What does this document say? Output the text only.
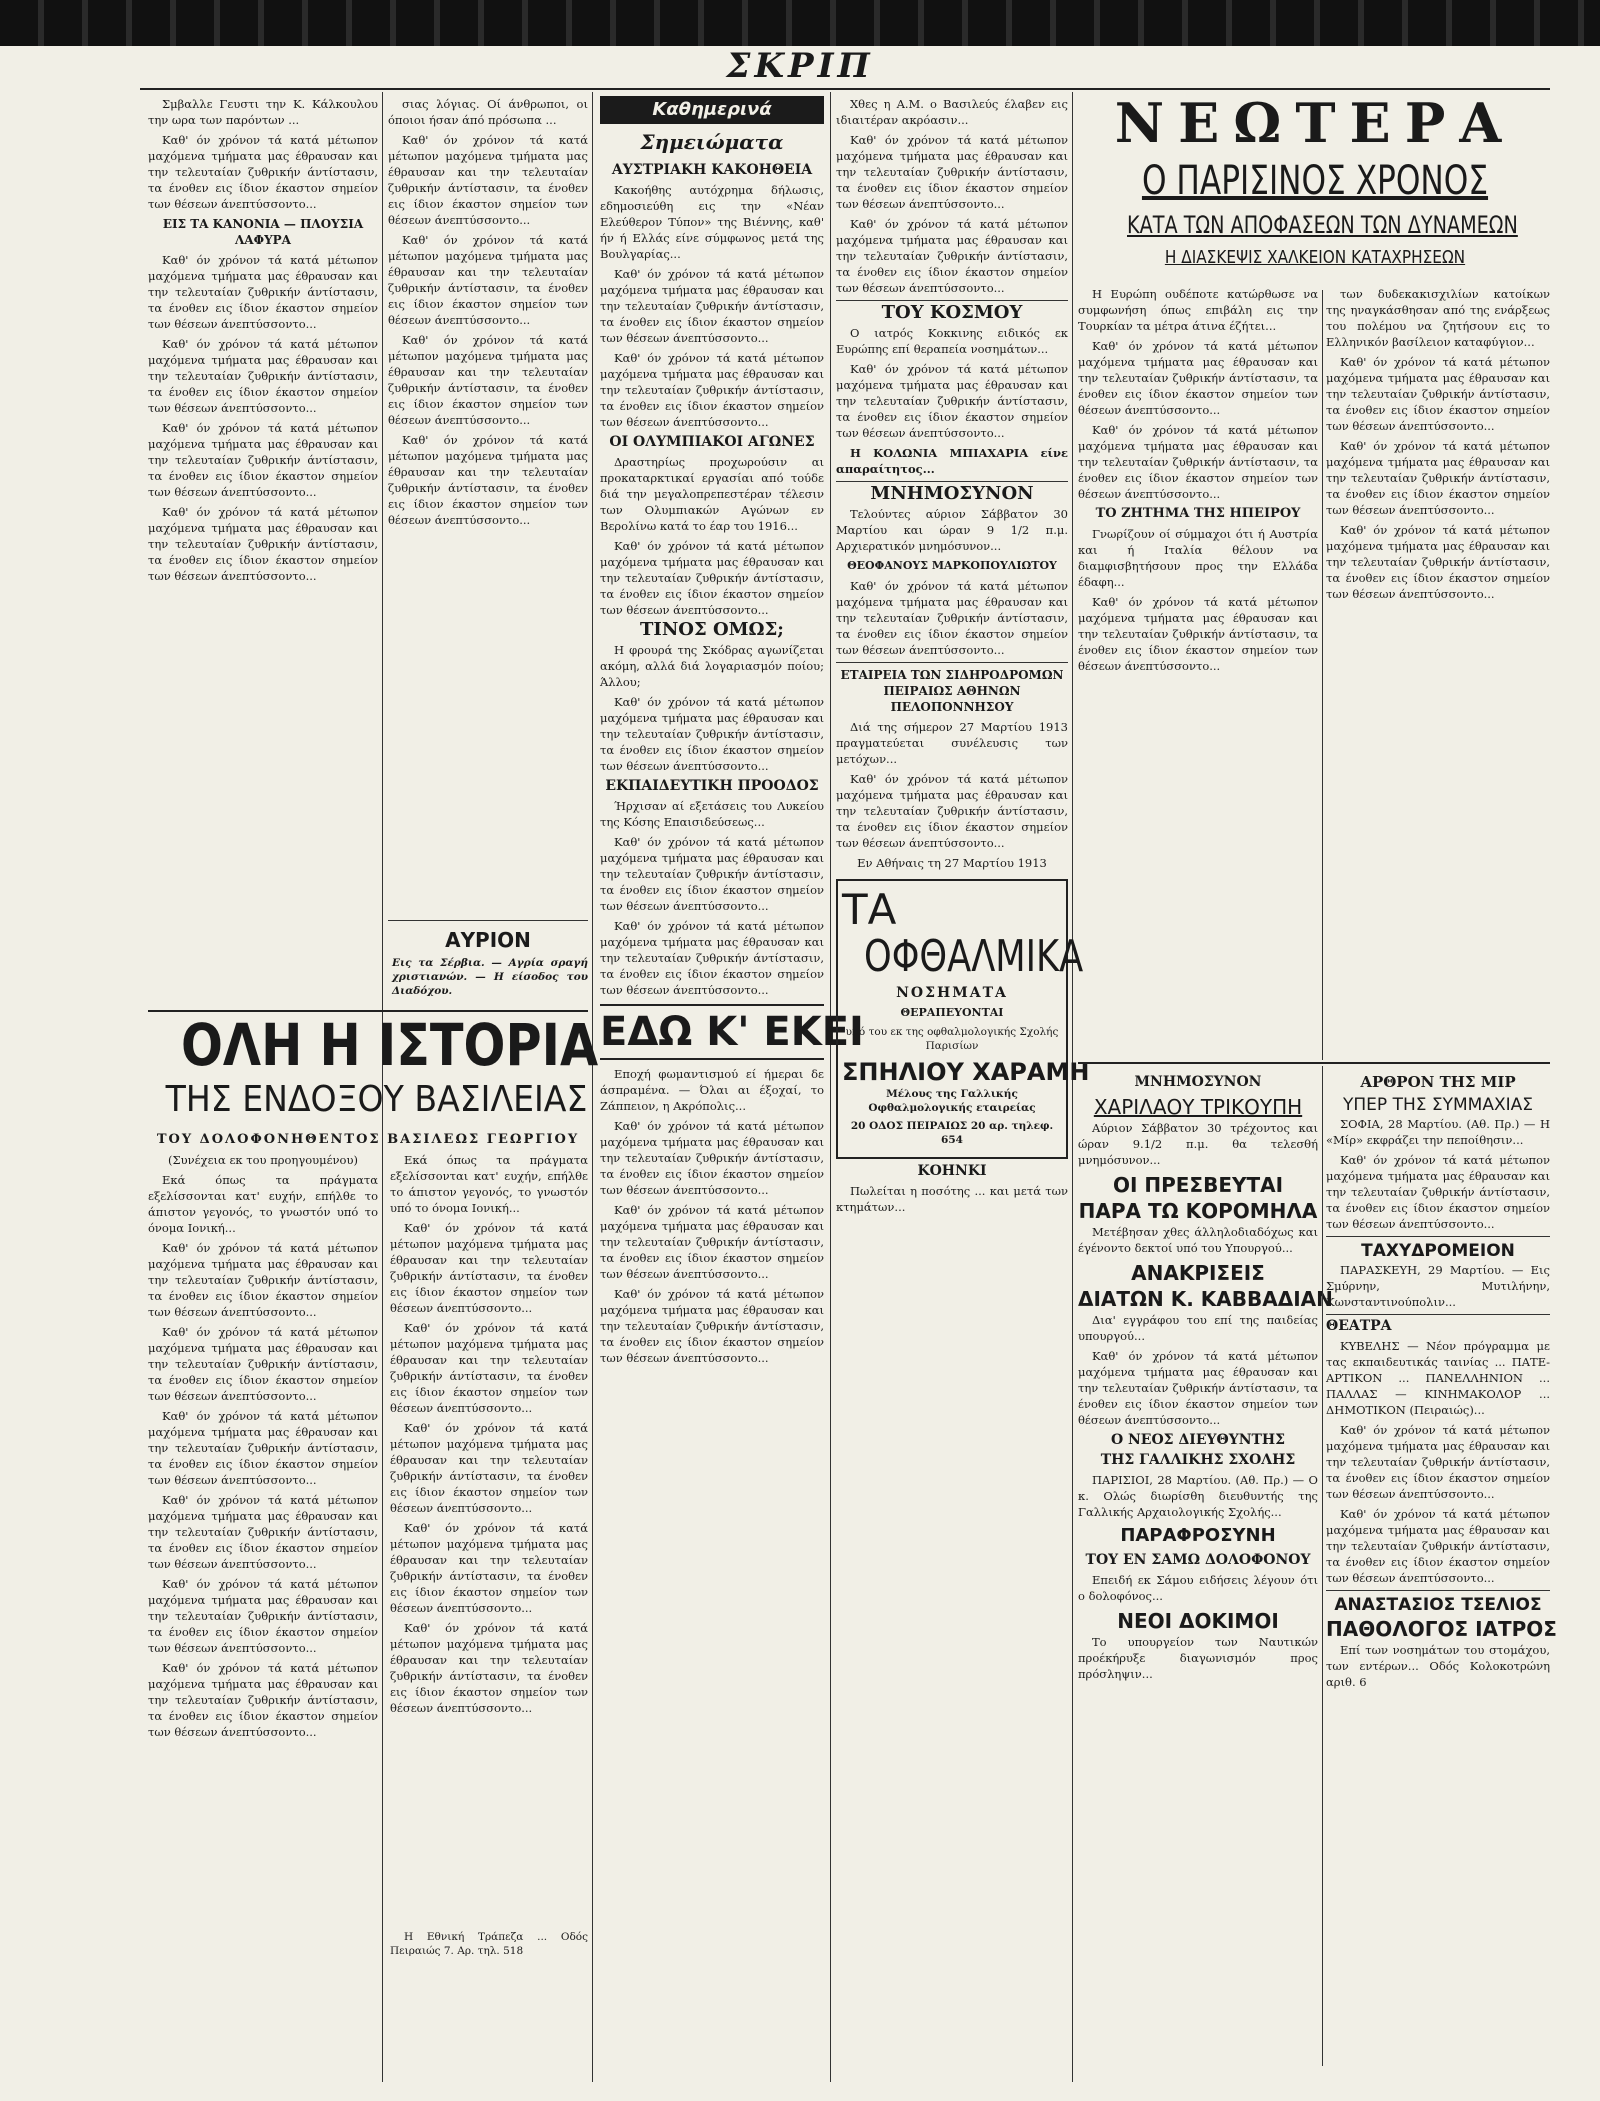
ΣΚΡΙΠ

Σμβαλλε Γευστι την Κ. Κάλκουλου την ωρα των παρόντων ...

Καθ' όν χρόνον τά κατά μέτωπον μαχόμενα τμήματα μας έθραυσαν και την τελευταίαν ζυθρικήν άντίστασιν, τα ένοθεν εις ίδιον έκαστον σημείον των θέσεων άνεπτύσσοντο...

ΕΙΣ ΤΑ ΚΑΝΟΝΙΑ — ΠΛΟΥΣΙΑ ΛΑΦΥΡΑ

Καθ' όν χρόνον τά κατά μέτωπον μαχόμενα τμήματα μας έθραυσαν και την τελευταίαν ζυθρικήν άντίστασιν, τα ένοθεν εις ίδιον έκαστον σημείον των θέσεων άνεπτύσσοντο...

Καθ' όν χρόνον τά κατά μέτωπον μαχόμενα τμήματα μας έθραυσαν και την τελευταίαν ζυθρικήν άντίστασιν, τα ένοθεν εις ίδιον έκαστον σημείον των θέσεων άνεπτύσσοντο...

Καθ' όν χρόνον τά κατά μέτωπον μαχόμενα τμήματα μας έθραυσαν και την τελευταίαν ζυθρικήν άντίστασιν, τα ένοθεν εις ίδιον έκαστον σημείον των θέσεων άνεπτύσσοντο...

Καθ' όν χρόνον τά κατά μέτωπον μαχόμενα τμήματα μας έθραυσαν και την τελευταίαν ζυθρικήν άντίστασιν, τα ένοθεν εις ίδιον έκαστον σημείον των θέσεων άνεπτύσσοντο...

σιας λόγιας. Οί άνθρωποι, οι όποιοι ήσαν άπό πρόσωπα ...

Καθ' όν χρόνον τά κατά μέτωπον μαχόμενα τμήματα μας έθραυσαν και την τελευταίαν ζυθρικήν άντίστασιν, τα ένοθεν εις ίδιον έκαστον σημείον των θέσεων άνεπτύσσοντο...

Καθ' όν χρόνον τά κατά μέτωπον μαχόμενα τμήματα μας έθραυσαν και την τελευταίαν ζυθρικήν άντίστασιν, τα ένοθεν εις ίδιον έκαστον σημείον των θέσεων άνεπτύσσοντο...

Καθ' όν χρόνον τά κατά μέτωπον μαχόμενα τμήματα μας έθραυσαν και την τελευταίαν ζυθρικήν άντίστασιν, τα ένοθεν εις ίδιον έκαστον σημείον των θέσεων άνεπτύσσοντο...

Καθ' όν χρόνον τά κατά μέτωπον μαχόμενα τμήματα μας έθραυσαν και την τελευταίαν ζυθρικήν άντίστασιν, τα ένοθεν εις ίδιον έκαστον σημείον των θέσεων άνεπτύσσοντο...

ΑΥΡΙΟΝ
Εις τα Σέρβια. — Αγρία σραγή χριστιανών. — Η είσοδος του Διαδόχου.
ΟΛΗ Η ΙΣΤΟΡΙΑ
ΤΗΣ ΕΝΔΟΞΟΥ ΒΑΣΙΛΕΙΑΣ
ΤΟΥ ΔΟΛΟΦΟΝΗΘΕΝΤΟΣ ΒΑΣΙΛΕΩΣ ΓΕΩΡΓΙΟΥ

(Συνέχεια εκ του προηγουμένου)

Εκά όπως τα πράγματα εξελίσσονται κατ' ευχήν, επήλθε το άπιστον γεγονός, το γνωστόν υπό το όνομα Ιονική...

Καθ' όν χρόνον τά κατά μέτωπον μαχόμενα τμήματα μας έθραυσαν και την τελευταίαν ζυθρικήν άντίστασιν, τα ένοθεν εις ίδιον έκαστον σημείον των θέσεων άνεπτύσσοντο...

Καθ' όν χρόνον τά κατά μέτωπον μαχόμενα τμήματα μας έθραυσαν και την τελευταίαν ζυθρικήν άντίστασιν, τα ένοθεν εις ίδιον έκαστον σημείον των θέσεων άνεπτύσσοντο...

Καθ' όν χρόνον τά κατά μέτωπον μαχόμενα τμήματα μας έθραυσαν και την τελευταίαν ζυθρικήν άντίστασιν, τα ένοθεν εις ίδιον έκαστον σημείον των θέσεων άνεπτύσσοντο...

Καθ' όν χρόνον τά κατά μέτωπον μαχόμενα τμήματα μας έθραυσαν και την τελευταίαν ζυθρικήν άντίστασιν, τα ένοθεν εις ίδιον έκαστον σημείον των θέσεων άνεπτύσσοντο...

Καθ' όν χρόνον τά κατά μέτωπον μαχόμενα τμήματα μας έθραυσαν και την τελευταίαν ζυθρικήν άντίστασιν, τα ένοθεν εις ίδιον έκαστον σημείον των θέσεων άνεπτύσσοντο...

Καθ' όν χρόνον τά κατά μέτωπον μαχόμενα τμήματα μας έθραυσαν και την τελευταίαν ζυθρικήν άντίστασιν, τα ένοθεν εις ίδιον έκαστον σημείον των θέσεων άνεπτύσσοντο...

Εκά όπως τα πράγματα εξελίσσονται κατ' ευχήν, επήλθε το άπιστον γεγονός, το γνωστόν υπό το όνομα Ιονική...

Καθ' όν χρόνον τά κατά μέτωπον μαχόμενα τμήματα μας έθραυσαν και την τελευταίαν ζυθρικήν άντίστασιν, τα ένοθεν εις ίδιον έκαστον σημείον των θέσεων άνεπτύσσοντο...

Καθ' όν χρόνον τά κατά μέτωπον μαχόμενα τμήματα μας έθραυσαν και την τελευταίαν ζυθρικήν άντίστασιν, τα ένοθεν εις ίδιον έκαστον σημείον των θέσεων άνεπτύσσοντο...

Καθ' όν χρόνον τά κατά μέτωπον μαχόμενα τμήματα μας έθραυσαν και την τελευταίαν ζυθρικήν άντίστασιν, τα ένοθεν εις ίδιον έκαστον σημείον των θέσεων άνεπτύσσοντο...

Καθ' όν χρόνον τά κατά μέτωπον μαχόμενα τμήματα μας έθραυσαν και την τελευταίαν ζυθρικήν άντίστασιν, τα ένοθεν εις ίδιον έκαστον σημείον των θέσεων άνεπτύσσοντο...

Καθ' όν χρόνον τά κατά μέτωπον μαχόμενα τμήματα μας έθραυσαν και την τελευταίαν ζυθρικήν άντίστασιν, τα ένοθεν εις ίδιον έκαστον σημείον των θέσεων άνεπτύσσοντο...

Η Εθνική Τράπεζα ... Οδός Πειραιώς 7. Αρ. τηλ. 518

Καθημερινά
Σημειώματα
ΑΥΣΤΡΙΑΚΗ ΚΑΚΟΗΘΕΙΑ

Κακοήθης αυτόχρημα δήλωσις, εδημοσιεύθη εις την «Νέαν Ελεύθερον Τύπον» της Βιέννης, καθ' ήν ή Ελλάς είνε σύμφωνος μετά της Βουλγαρίας...

Καθ' όν χρόνον τά κατά μέτωπον μαχόμενα τμήματα μας έθραυσαν και την τελευταίαν ζυθρικήν άντίστασιν, τα ένοθεν εις ίδιον έκαστον σημείον των θέσεων άνεπτύσσοντο...

Καθ' όν χρόνον τά κατά μέτωπον μαχόμενα τμήματα μας έθραυσαν και την τελευταίαν ζυθρικήν άντίστασιν, τα ένοθεν εις ίδιον έκαστον σημείον των θέσεων άνεπτύσσοντο...

ΟΙ ΟΛΥΜΠΙΑΚΟΙ ΑΓΩΝΕΣ

Δραστηρίως προχωρούσιν αι προκαταρκτικαί εργασίαι από τούδε διά την μεγαλοπρεπεστέραν τέλεσιν των Ολυμπιακών Αγώνων εν Βερολίνω κατά το έαρ του 1916...

Καθ' όν χρόνον τά κατά μέτωπον μαχόμενα τμήματα μας έθραυσαν και την τελευταίαν ζυθρικήν άντίστασιν, τα ένοθεν εις ίδιον έκαστον σημείον των θέσεων άνεπτύσσοντο...

ΤΙΝΟΣ ΟΜΩΣ;

Η φρουρά της Σκόδρας αγωνίζεται ακόμη, αλλά διά λογαριασμόν ποίου; Άλλου;

Καθ' όν χρόνον τά κατά μέτωπον μαχόμενα τμήματα μας έθραυσαν και την τελευταίαν ζυθρικήν άντίστασιν, τα ένοθεν εις ίδιον έκαστον σημείον των θέσεων άνεπτύσσοντο...

ΕΚΠΑΙΔΕΥΤΙΚΗ ΠΡΟΟΔΟΣ

Ήρχισαν αί εξετάσεις του Λυκείου της Κόσης Επαισιδεύσεως...

Καθ' όν χρόνον τά κατά μέτωπον μαχόμενα τμήματα μας έθραυσαν και την τελευταίαν ζυθρικήν άντίστασιν, τα ένοθεν εις ίδιον έκαστον σημείον των θέσεων άνεπτύσσοντο...

Καθ' όν χρόνον τά κατά μέτωπον μαχόμενα τμήματα μας έθραυσαν και την τελευταίαν ζυθρικήν άντίστασιν, τα ένοθεν εις ίδιον έκαστον σημείον των θέσεων άνεπτύσσοντο...

ΕΔΩ Κ' ΕΚΕΙ

Εποχή φωμαντισμού εί ήμεραι δε άσπραμένα. — Όλαι αι έξοχαί, το Ζάππειον, η Ακρόπολις...

Καθ' όν χρόνον τά κατά μέτωπον μαχόμενα τμήματα μας έθραυσαν και την τελευταίαν ζυθρικήν άντίστασιν, τα ένοθεν εις ίδιον έκαστον σημείον των θέσεων άνεπτύσσοντο...

Καθ' όν χρόνον τά κατά μέτωπον μαχόμενα τμήματα μας έθραυσαν και την τελευταίαν ζυθρικήν άντίστασιν, τα ένοθεν εις ίδιον έκαστον σημείον των θέσεων άνεπτύσσοντο...

Καθ' όν χρόνον τά κατά μέτωπον μαχόμενα τμήματα μας έθραυσαν και την τελευταίαν ζυθρικήν άντίστασιν, τα ένοθεν εις ίδιον έκαστον σημείον των θέσεων άνεπτύσσοντο...

Χθες η Α.Μ. ο Βασιλεύς έλαβεν εις ιδιαιτέραν ακρόασιν...

Καθ' όν χρόνον τά κατά μέτωπον μαχόμενα τμήματα μας έθραυσαν και την τελευταίαν ζυθρικήν άντίστασιν, τα ένοθεν εις ίδιον έκαστον σημείον των θέσεων άνεπτύσσοντο...

Καθ' όν χρόνον τά κατά μέτωπον μαχόμενα τμήματα μας έθραυσαν και την τελευταίαν ζυθρικήν άντίστασιν, τα ένοθεν εις ίδιον έκαστον σημείον των θέσεων άνεπτύσσοντο...

ΤΟΥ ΚΟΣΜΟΥ

Ο ιατρός Κοκκινης ειδικός εκ Ευρώπης επί θεραπεία νοσημάτων...

Καθ' όν χρόνον τά κατά μέτωπον μαχόμενα τμήματα μας έθραυσαν και την τελευταίαν ζυθρικήν άντίστασιν, τα ένοθεν εις ίδιον έκαστον σημείον των θέσεων άνεπτύσσοντο...

Η ΚΟΛΩΝΙΑ ΜΠΙΑΧΑΡΙΑ είνε απαραίτητος...

ΜΝΗΜΟΣΥΝΟΝ

Τελούντες αύριον Σάββατον 30 Μαρτίου και ώραν 9 1/2 π.μ. Αρχιερατικόν μνημόσυνον...

ΘΕΟΦΑΝΟΥΣ ΜΑΡΚΟΠΟΥΛΙΩΤΟΥ

Καθ' όν χρόνον τά κατά μέτωπον μαχόμενα τμήματα μας έθραυσαν και την τελευταίαν ζυθρικήν άντίστασιν, τα ένοθεν εις ίδιον έκαστον σημείον των θέσεων άνεπτύσσοντο...

ΕΤΑΙΡΕΙΑ ΤΩΝ ΣΙΔΗΡΟΔΡΟΜΩΝ ΠΕΙΡΑΙΩΣ ΑΘΗΝΩΝ ΠΕΛΟΠΟΝΝΗΣΟΥ

Διά της σήμερον 27 Μαρτίου 1913 πραγματεύεται συνέλευσις των μετόχων...

Καθ' όν χρόνον τά κατά μέτωπον μαχόμενα τμήματα μας έθραυσαν και την τελευταίαν ζυθρικήν άντίστασιν, τα ένοθεν εις ίδιον έκαστον σημείον των θέσεων άνεπτύσσοντο...

Εν Αθήναις τη 27 Μαρτίου 1913

ΤΑ
ΟΦΘΑΛΜΙΚΑ
ΝΟΣΗΜΑΤΑ
ΘΕΡΑΠΕΥΟΝΤΑΙ

υπό του εκ της οφθαλμολογικής Σχολής Παρισίων

ΣΠΗΛΙΟΥ ΧΑΡΑΜΗ

Μέλους της Γαλλικής Οφθαλμολογικής εταιρείας

20 ΟΔΟΣ ΠΕΙΡΑΙΩΣ 20 αρ. τηλεφ. 654

ΚΟΗΝΚΙ

Πωλείται η ποσότης ... και μετά των κτημάτων...

ΝΕΩΤΕΡΑ
Ο ΠΑΡΙΣΙΝΟΣ ΧΡΟΝΟΣ
ΚΑΤΑ ΤΩΝ ΑΠΟΦΑΣΕΩΝ ΤΩΝ ΔΥΝΑΜΕΩΝ
Η ΔΙΑΣΚΕΨΙΣ ΧΑΛΚΕΙΟΝ ΚΑΤΑΧΡΗΣΕΩΝ

Η Ευρώπη ουδέποτε κατώρθωσε να συμφωνήση όπως επιβάλη εις την Τουρκίαν τα μέτρα άτινα έζήτει...

Καθ' όν χρόνον τά κατά μέτωπον μαχόμενα τμήματα μας έθραυσαν και την τελευταίαν ζυθρικήν άντίστασιν, τα ένοθεν εις ίδιον έκαστον σημείον των θέσεων άνεπτύσσοντο...

Καθ' όν χρόνον τά κατά μέτωπον μαχόμενα τμήματα μας έθραυσαν και την τελευταίαν ζυθρικήν άντίστασιν, τα ένοθεν εις ίδιον έκαστον σημείον των θέσεων άνεπτύσσοντο...

ΤΟ ΖΗΤΗΜΑ ΤΗΣ ΗΠΕΙΡΟΥ

Γνωρίζουν οί σύμμαχοι ότι ή Αυστρία και ή Ιταλία θέλουν να διαμφισβητήσουν προς την Ελλάδα έδαφη...

Καθ' όν χρόνον τά κατά μέτωπον μαχόμενα τμήματα μας έθραυσαν και την τελευταίαν ζυθρικήν άντίστασιν, τα ένοθεν εις ίδιον έκαστον σημείον των θέσεων άνεπτύσσοντο...

των δυδεκακισχιλίων κατοίκων της ηναγκάσθησαν από της ενάρξεως του πολέμου να ζητήσουν εις το Ελληνικόν βασίλειον καταφύγιον...

Καθ' όν χρόνον τά κατά μέτωπον μαχόμενα τμήματα μας έθραυσαν και την τελευταίαν ζυθρικήν άντίστασιν, τα ένοθεν εις ίδιον έκαστον σημείον των θέσεων άνεπτύσσοντο...

Καθ' όν χρόνον τά κατά μέτωπον μαχόμενα τμήματα μας έθραυσαν και την τελευταίαν ζυθρικήν άντίστασιν, τα ένοθεν εις ίδιον έκαστον σημείον των θέσεων άνεπτύσσοντο...

Καθ' όν χρόνον τά κατά μέτωπον μαχόμενα τμήματα μας έθραυσαν και την τελευταίαν ζυθρικήν άντίστασιν, τα ένοθεν εις ίδιον έκαστον σημείον των θέσεων άνεπτύσσοντο...

ΜΝΗΜΟΣΥΝΟΝ
ΧΑΡΙΛΑΟΥ ΤΡΙΚΟΥΠΗ

Αύριον Σάββατον 30 τρέχοντος και ώραν 9.1/2 π.μ. θα τελεσθή μνημόσυνον...

ΟΙ ΠΡΕΣΒΕΥΤΑΙ
ΠΑΡΑ ΤΩ ΚΟΡΟΜΗΛΑ

Μετέβησαν χθες άλληλοδιαδόχως και έγένοντο δεκτοί υπό του Υπουργού...

ΑΝΑΚΡΙΣΕΙΣ
ΔΙΑΤΩΝ Κ. ΚΑΒΒΑΔΙΑΝ

Δια' εγγράφου του επί της παιδείας υπουργού...

Καθ' όν χρόνον τά κατά μέτωπον μαχόμενα τμήματα μας έθραυσαν και την τελευταίαν ζυθρικήν άντίστασιν, τα ένοθεν εις ίδιον έκαστον σημείον των θέσεων άνεπτύσσοντο...

Ο ΝΕΟΣ ΔΙΕΥΘΥΝΤΗΣ
ΤΗΣ ΓΑΛΛΙΚΗΣ ΣΧΟΛΗΣ

ΠΑΡΙΣΙΟΙ, 28 Μαρτίου. (Αθ. Πρ.) — Ο κ. Ολώς διωρίσθη διευθυντής της Γαλλικής Αρχαιολογικής Σχολής...

ΠΑΡΑΦΡΟΣΥΝΗ
ΤΟΥ ΕΝ ΣΑΜΩ ΔΟΛΟΦΟΝΟΥ

Επειδή εκ Σάμου ειδήσεις λέγουν ότι ο δολοφόνος...

ΝΕΟΙ ΔΟΚΙΜΟΙ

Το υπουργείον των Ναυτικών προέκήρυξε διαγωνισμόν προς πρόσληψιν...

ΑΡΘΡΟΝ ΤΗΣ ΜΙΡ
ΥΠΕΡ ΤΗΣ ΣΥΜΜΑΧΙΑΣ

ΣΟΦΙΑ, 28 Μαρτίου. (Αθ. Πρ.) — Η «Μίρ» εκφράζει την πεποίθησιν...

Καθ' όν χρόνον τά κατά μέτωπον μαχόμενα τμήματα μας έθραυσαν και την τελευταίαν ζυθρικήν άντίστασιν, τα ένοθεν εις ίδιον έκαστον σημείον των θέσεων άνεπτύσσοντο...

ΤΑΧΥΔΡΟΜΕΙΟΝ

ΠΑΡΑΣΚΕΥΗ, 29 Μαρτίου. — Εις Σμύρνην, Μυτιλήνην, Κωνσταντινούπολιν...

ΘΕΑΤΡΑ

ΚΥΒΕΛΗΣ — Νέον πρόγραμμα με τας εκπαιδευτικάς ταινίας ... ΠΑΤΕ-ΑΡΤΙΚΟΝ ... ΠΑΝΕΛΛΗΝΙΟΝ ... ΠΑΛΛΑΣ — ΚΙΝΗΜΑΚΟΛΟΡ ... ΔΗΜΟΤΙΚΟΝ (Πειραιώς)...

Καθ' όν χρόνον τά κατά μέτωπον μαχόμενα τμήματα μας έθραυσαν και την τελευταίαν ζυθρικήν άντίστασιν, τα ένοθεν εις ίδιον έκαστον σημείον των θέσεων άνεπτύσσοντο...

Καθ' όν χρόνον τά κατά μέτωπον μαχόμενα τμήματα μας έθραυσαν και την τελευταίαν ζυθρικήν άντίστασιν, τα ένοθεν εις ίδιον έκαστον σημείον των θέσεων άνεπτύσσοντο...

ΑΝΑΣΤΑΣΙΟΣ ΤΣΕΛΙΟΣ
ΠΑΘΟΛΟΓΟΣ ΙΑΤΡΟΣ

Επί των νοσημάτων του στομάχου, των εντέρων... Οδός Κολοκοτρώνη αριθ. 6
